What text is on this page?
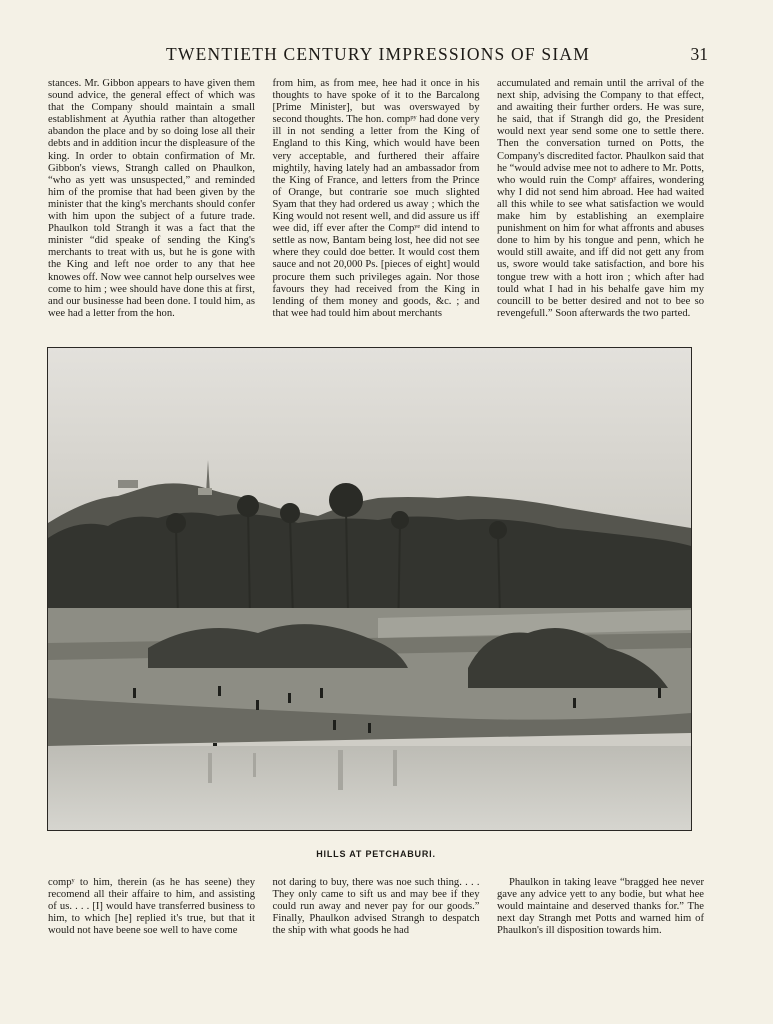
TWENTIETH CENTURY IMPRESSIONS OF SIAM	31

stances. Mr. Gibbon appears to have given them sound advice, the general effect of which was that the Company should maintain a small establishment at Ayuthia rather than altogether abandon the place and by so doing lose all their debts and in addition incur the displeasure of the king. In order to obtain confirmation of Mr. Gibbon's views, Strangh called on Phaulkon, “who as yett was unsuspected,” and reminded him of the promise that had been given by the minister that the king's merchants should confer with him upon the subject of a future trade. Phaulkon told Strangh it was a fact that the minister “did speake of sending the King's merchants to treat with us, but he is gone with the King and left noe order to any that hee knowes off. Now wee cannot help ourselves wee come to him ; wee should have done this at first, and our businesse had been done. I tould him, as wee had a letter from the hon.

from him, as from mee, hee had it once in his thoughts to have spoke of it to the Barcalong [Prime Minister], but was overswayed by second thoughts. The hon. compᵖʸ had done very ill in not sending a letter from the King of England to this King, which would have been very acceptable, and furthered their affaire mightily, having lately had an ambassador from the King of France, and letters from the Prince of Orange, but contrarie soe much slighted Syam that they had ordered us away ; which the King would not resent well, and did assure us iff wee did, iff ever after the Compʸᵉ did intend to settle as now, Bantam being lost, hee did not see where they could doe better. It would cost them sauce and not 20,000 Ps. [pieces of eight] would procure them such privileges again. Nor those favours they had received from the King in lending of them money and goods, &c. ; and that wee had tould him about merchants

accumulated and remain until the arrival of the next ship, advising the Company to that effect, and awaiting their further orders. He was sure, he said, that if Strangh did go, the President would next year send some one to settle there. Then the conversation turned on Potts, the Company's discredited factor. Phaulkon said that he “would advise mee not to adhere to Mr. Potts, who would ruin the Compʸ affaires, wondering why I did not send him abroad. Hee had waited all this while to see what satisfaction we would make him by establishing an exemplaire punishment on him for what affronts and abuses done to him by his tongue and penn, which he would still awaite, and iff did not gett any from us, swore would take satisfaction, and bore his tongue trew with a hott iron ; which after had tould what I had in his behalfe gave him my councill to be better desired and not to bee so revengefull.” Soon afterwards the two parted.

HILLS AT PETCHABURI.

compʸ to him, therein (as he has seene) they recomend all their affaire to him, and assisting of us. . . . [I] would have transferred business to him, to which [he] replied it's true, but that it would not have beene soe well to have come

not daring to buy, there was noe such thing. . . . They only came to sift us and may bee if they could run away and never pay for our goods.” Finally, Phaulkon advised Strangh to despatch the ship with what goods he had

Phaulkon in taking leave “bragged hee never gave any advice yett to any bodie, but what hee would maintaine and deserved thanks for.” The next day Strangh met Potts and warned him of Phaulkon's ill disposition towards him.
